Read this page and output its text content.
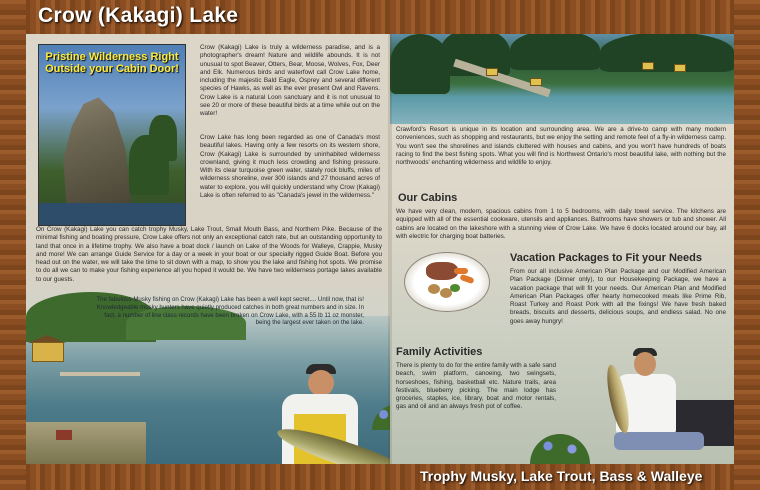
Pristine Wilderness Right Outside your Cabin Door!
Crow (Kakagi) Lake is truly a wilderness paradise, and is a photographer's dream! Nature and wildlife abounds. It is not unusual to spot Beaver, Otters, Bear, Moose, Wolves, Fox, Deer and Elk. Numerous birds and waterfowl call Crow Lake home, including the majestic Bald Eagle, Osprey and several different species of Hawks, as well as the ever present Owl and Ravens. Crow Lake is a natural Loon sanctuary and it is not unusual to see 20 or more of these beautiful birds at a time while out on the water!
Crow Lake has long been regarded as one of Canada's most beautiful lakes. Having only a few resorts on its western shore, Crow (Kakagi) Lake is surrounded by uninhabited wilderness crownland, giving it much less crowding and fishing pressure. With its clear turquoise green water, stately rock bluffs, miles of wilderness shoreline, over 300 islands and 27 thousand acres of water to explore, you will quickly understand why Crow (Kakagi) Lake is often referred to as "Canada's jewel in the wilderness."
On Crow (Kakagi) Lake you can catch trophy Musky, Lake Trout, Small Mouth Bass, and Northern Pike. Because of the minimal fishing and boating pressure, Crow Lake offers not only an exceptional catch rate, but an outstanding opportunity to land that once in a lifetime trophy. We also have a boat dock / launch on Lake of the Woods for Walleye, Crappie, Musky and more! We can arrange Guide Service for a day or a week in your boat or our specially rigged Guide Boat. Before you head out on the water, we will take the time to sit down with a map, to show you the lake and fishing hot spots. We promise to do all we can to make your fishing experience all you hoped it would be. We have two wilderness portage lakes available to our guests.
The fabulous Musky fishing on Crow (Kakagi) Lake has been a well kept secret.... Until now, that is! Knowledgeable musky hunters have quietly produced catches in both great numbers and in size. In fact, a number of line class records have been broken on Crow Lake, with a 55 lb 11 oz monster, being the largest ever taken on the lake.
Crawford's Resort is unique in its location and surrounding area. We are a drive-to camp with many modern conveniences, such as shopping and restaurants, but we enjoy the setting and remote feel of a fly-in wilderness camp. You won't see the shorelines and islands cluttered with houses and cabins, and you won't have hundreds of boats racing to find the best fishing spots. What you will find is Northwest Ontario's most beautiful lake, with nothing but the northwoods' enchanting wilderness and wildlife to enjoy.
Our Cabins
We have very clean, modern, spacious cabins from 1 to 5 bedrooms, with daily towel service. The kitchens are equipped with all of the essential cookware, utensils and appliances. Bathrooms have showers or tub and shower. All cabins are located on the lakeshore with a stunning view of Crow Lake. We have 6 docks located around our bay, all with electric for charging boat batteries.
Vacation Packages to Fit your Needs
From our all inclusive American Plan Package and our Modified American Plan Package (Dinner only), to our Housekeeping Package, we have a vacation package that will fit your needs. Our American Plan and Modified American Plan Packages offer hearty homecooked meals like Prime Rib, Roast Turkey and Roast Pork with all the fixings! We have fresh baked breads, biscuits and desserts, delicious soups, and endless salad. No one goes away hungry!
Family Activities
There is plenty to do for the entire family with a safe sand beach, swim platform, canoeing, two swingsets, horseshoes, fishing, basketball etc. Nature trails, area festivals, blueberry picking. The main lodge has groceries, staples, ice, library, boat and motor rentals, gas and oil and an always fresh pot of coffee.
Crow (Kakagi) Lake
Trophy Musky, Lake Trout, Bass & Walleye
